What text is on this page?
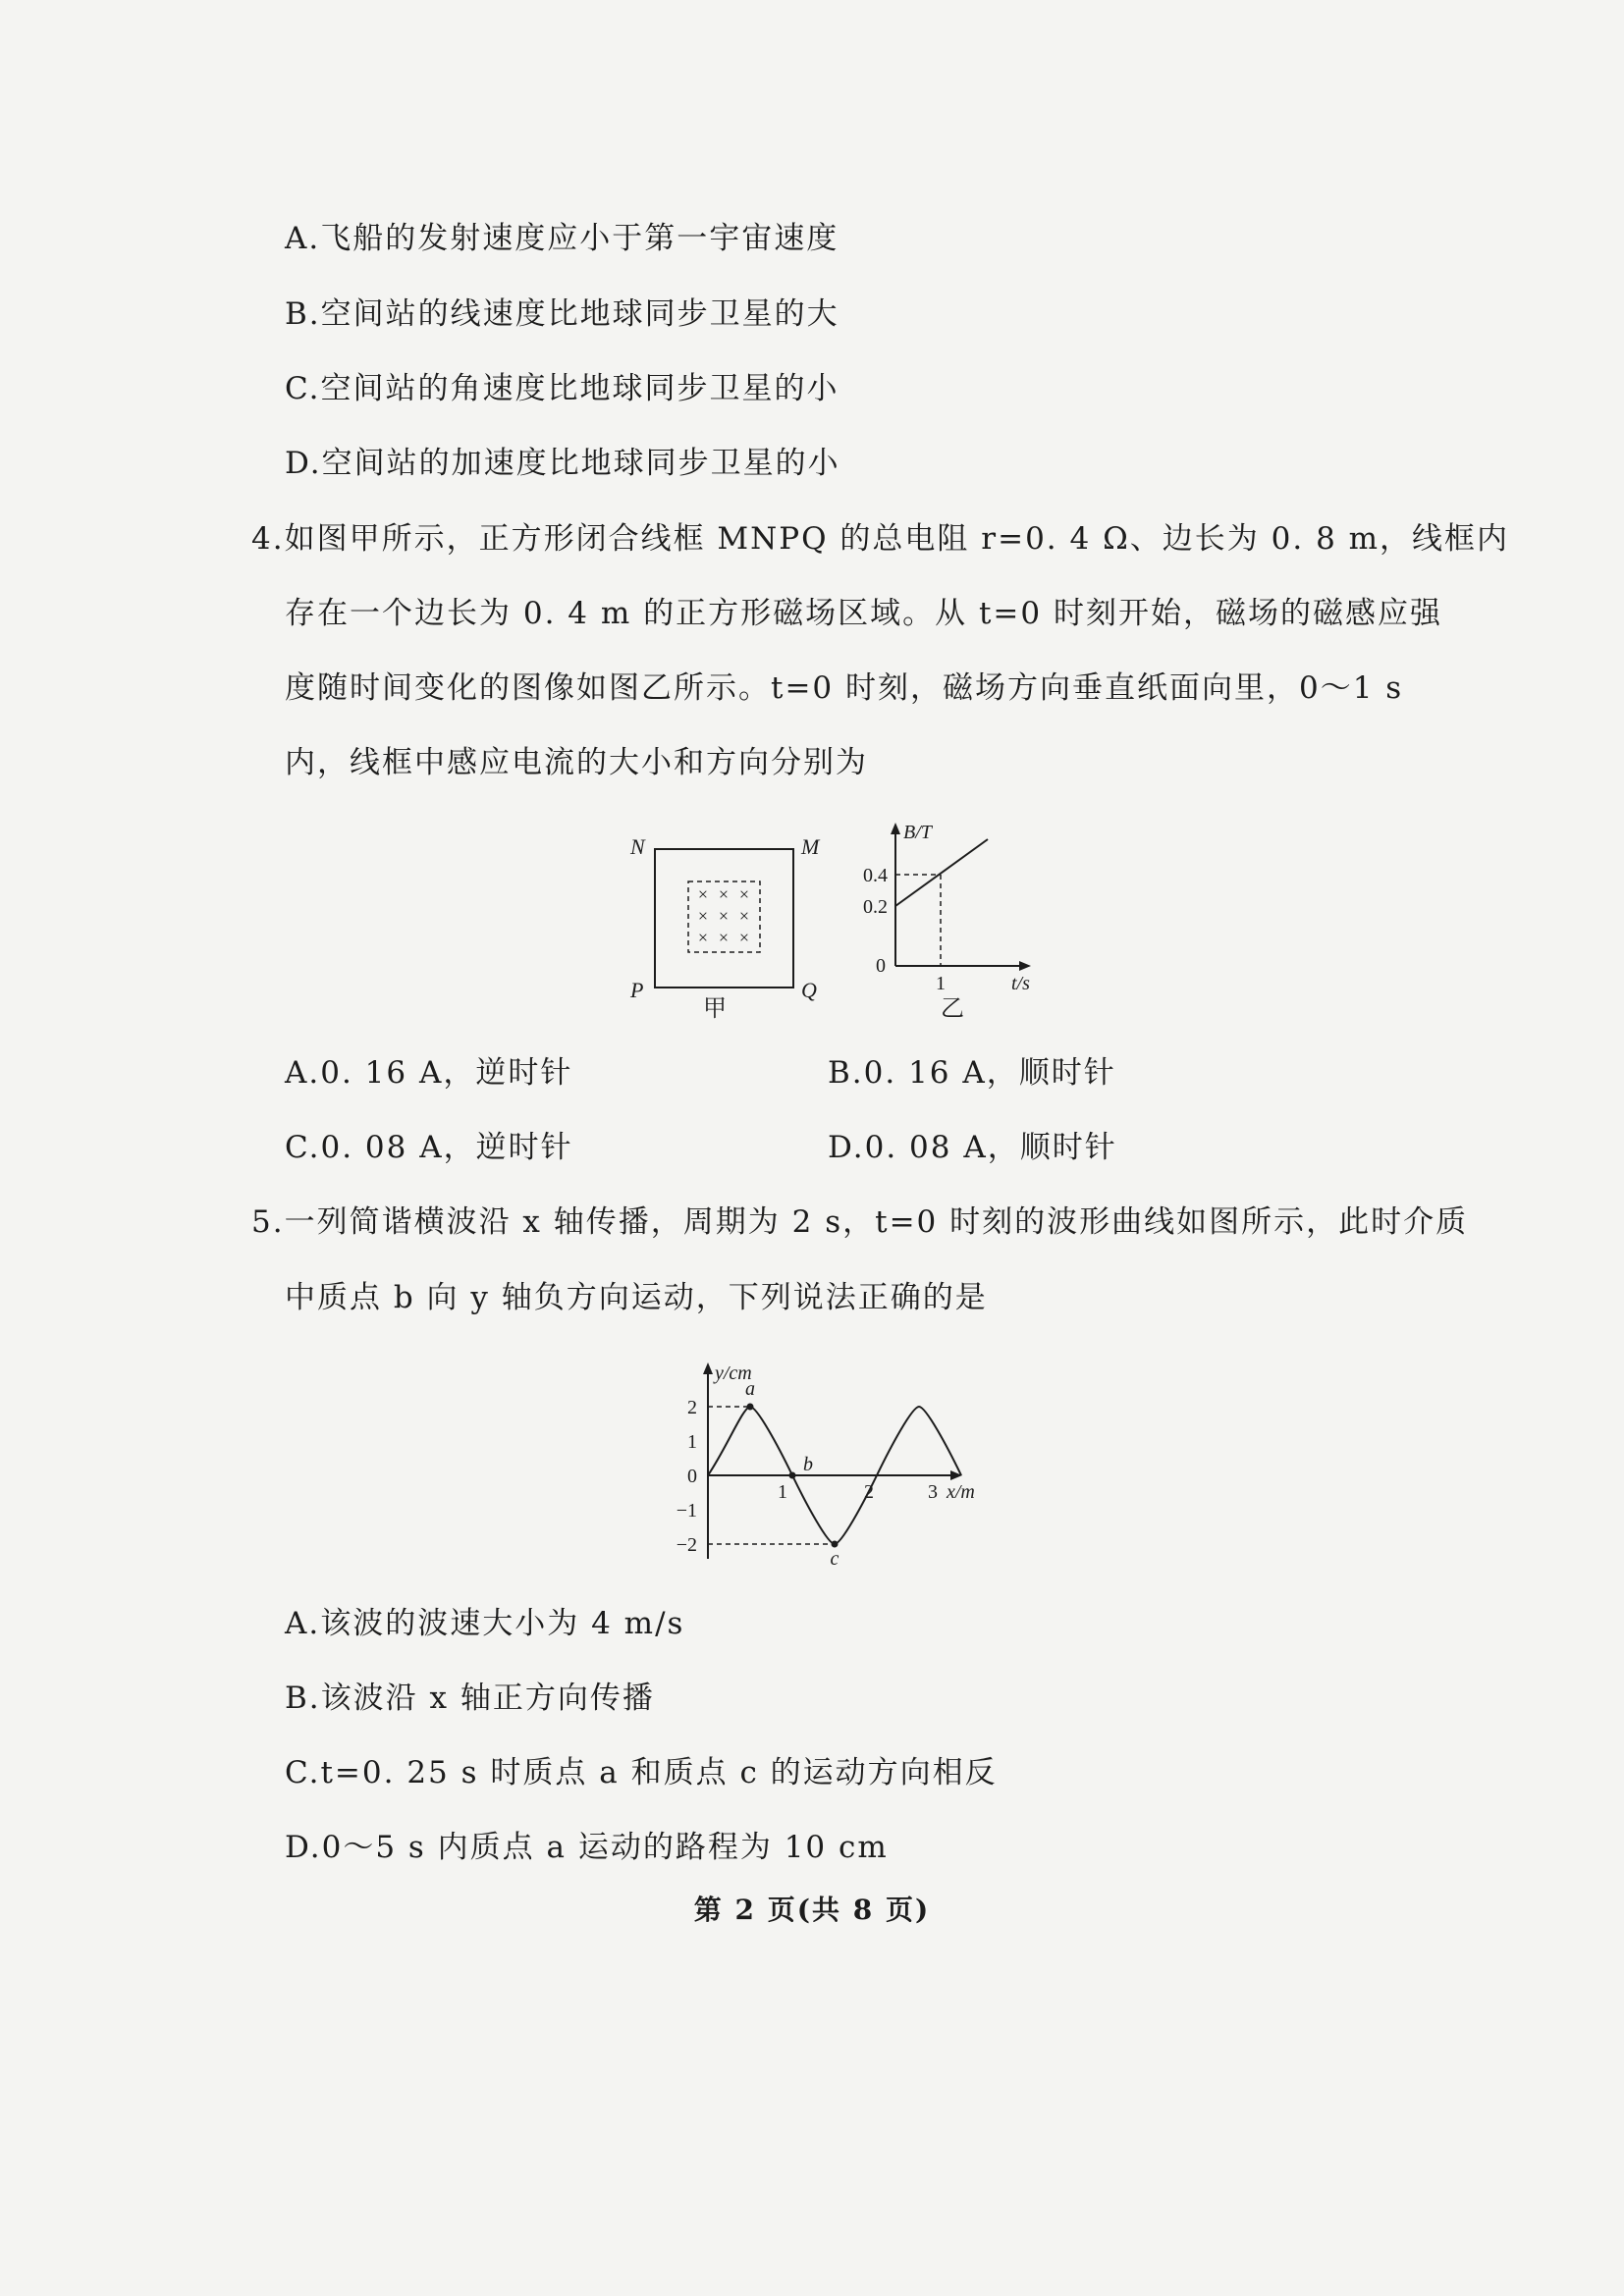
A.飞船的发射速度应小于第一宇宙速度
B.空间站的线速度比地球同步卫星的大
C.空间站的角速度比地球同步卫星的小
D.空间站的加速度比地球同步卫星的小
4.如图甲所示，正方形闭合线框 MNPQ 的总电阻 r=0. 4 Ω、边长为 0. 8 m，线框内
存在一个边长为 0. 4 m 的正方形磁场区域。从 t=0 时刻开始，磁场的磁感应强
度随时间变化的图像如图乙所示。t=0 时刻，磁场方向垂直纸面向里，0～1 s
内，线框中感应电流的大小和方向分别为
N	M
P	Q
× × ×
× × ×
× × ×
甲
B/T
0.4
0.2
0
1	t/s
乙
A.0. 16 A，逆时针	B.0. 16 A，顺时针
C.0. 08 A，逆时针	D.0. 08 A，顺时针
5.一列简谐横波沿 x 轴传播，周期为 2 s，t=0 时刻的波形曲线如图所示，此时介质
中质点 b 向 y 轴负方向运动，下列说法正确的是
y/cm
x/m
2
1
0
−1
−2
1	2	3
a
b
c
A.该波的波速大小为 4 m/s
B.该波沿 x 轴正方向传播
C.t=0. 25 s 时质点 a 和质点 c 的运动方向相反
D.0～5 s 内质点 a 运动的路程为 10 cm
第 2 页(共 8 页)
